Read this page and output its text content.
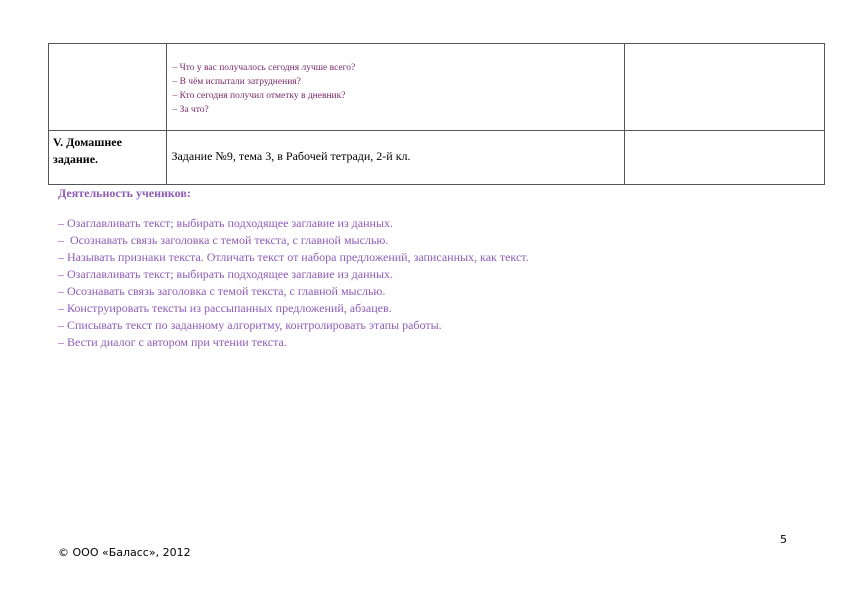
	– Что у вас получалось сегодня лучше всего?
– В чём испытали затруднения?
– Кто сегодня получил отметку в дневник?
– За что?	

V. Домашнее
задание.	Задание №9, тема 3, в Рабочей тетради, 2-й кл.	

Деятельность учеников:
– Озаглавливать текст; выбирать подходящее заглавие из данных.
–  Осознавать связь заголовка с темой текста, с главной мыслью.
– Называть признаки текста. Отличать текст от набора предложений, записанных, как текст.
– Озаглавливать текст; выбирать подходящее заглавие из данных.
– Осознавать связь заголовка с темой текста, с главной мыслью.
– Конструировать тексты из рассыпанных предложений, абзацев.
– Списывать текст по заданному алгоритму, контролировать этапы работы.
– Вести диалог с автором при чтении текста.
5
© ООО «Баласс», 2012
